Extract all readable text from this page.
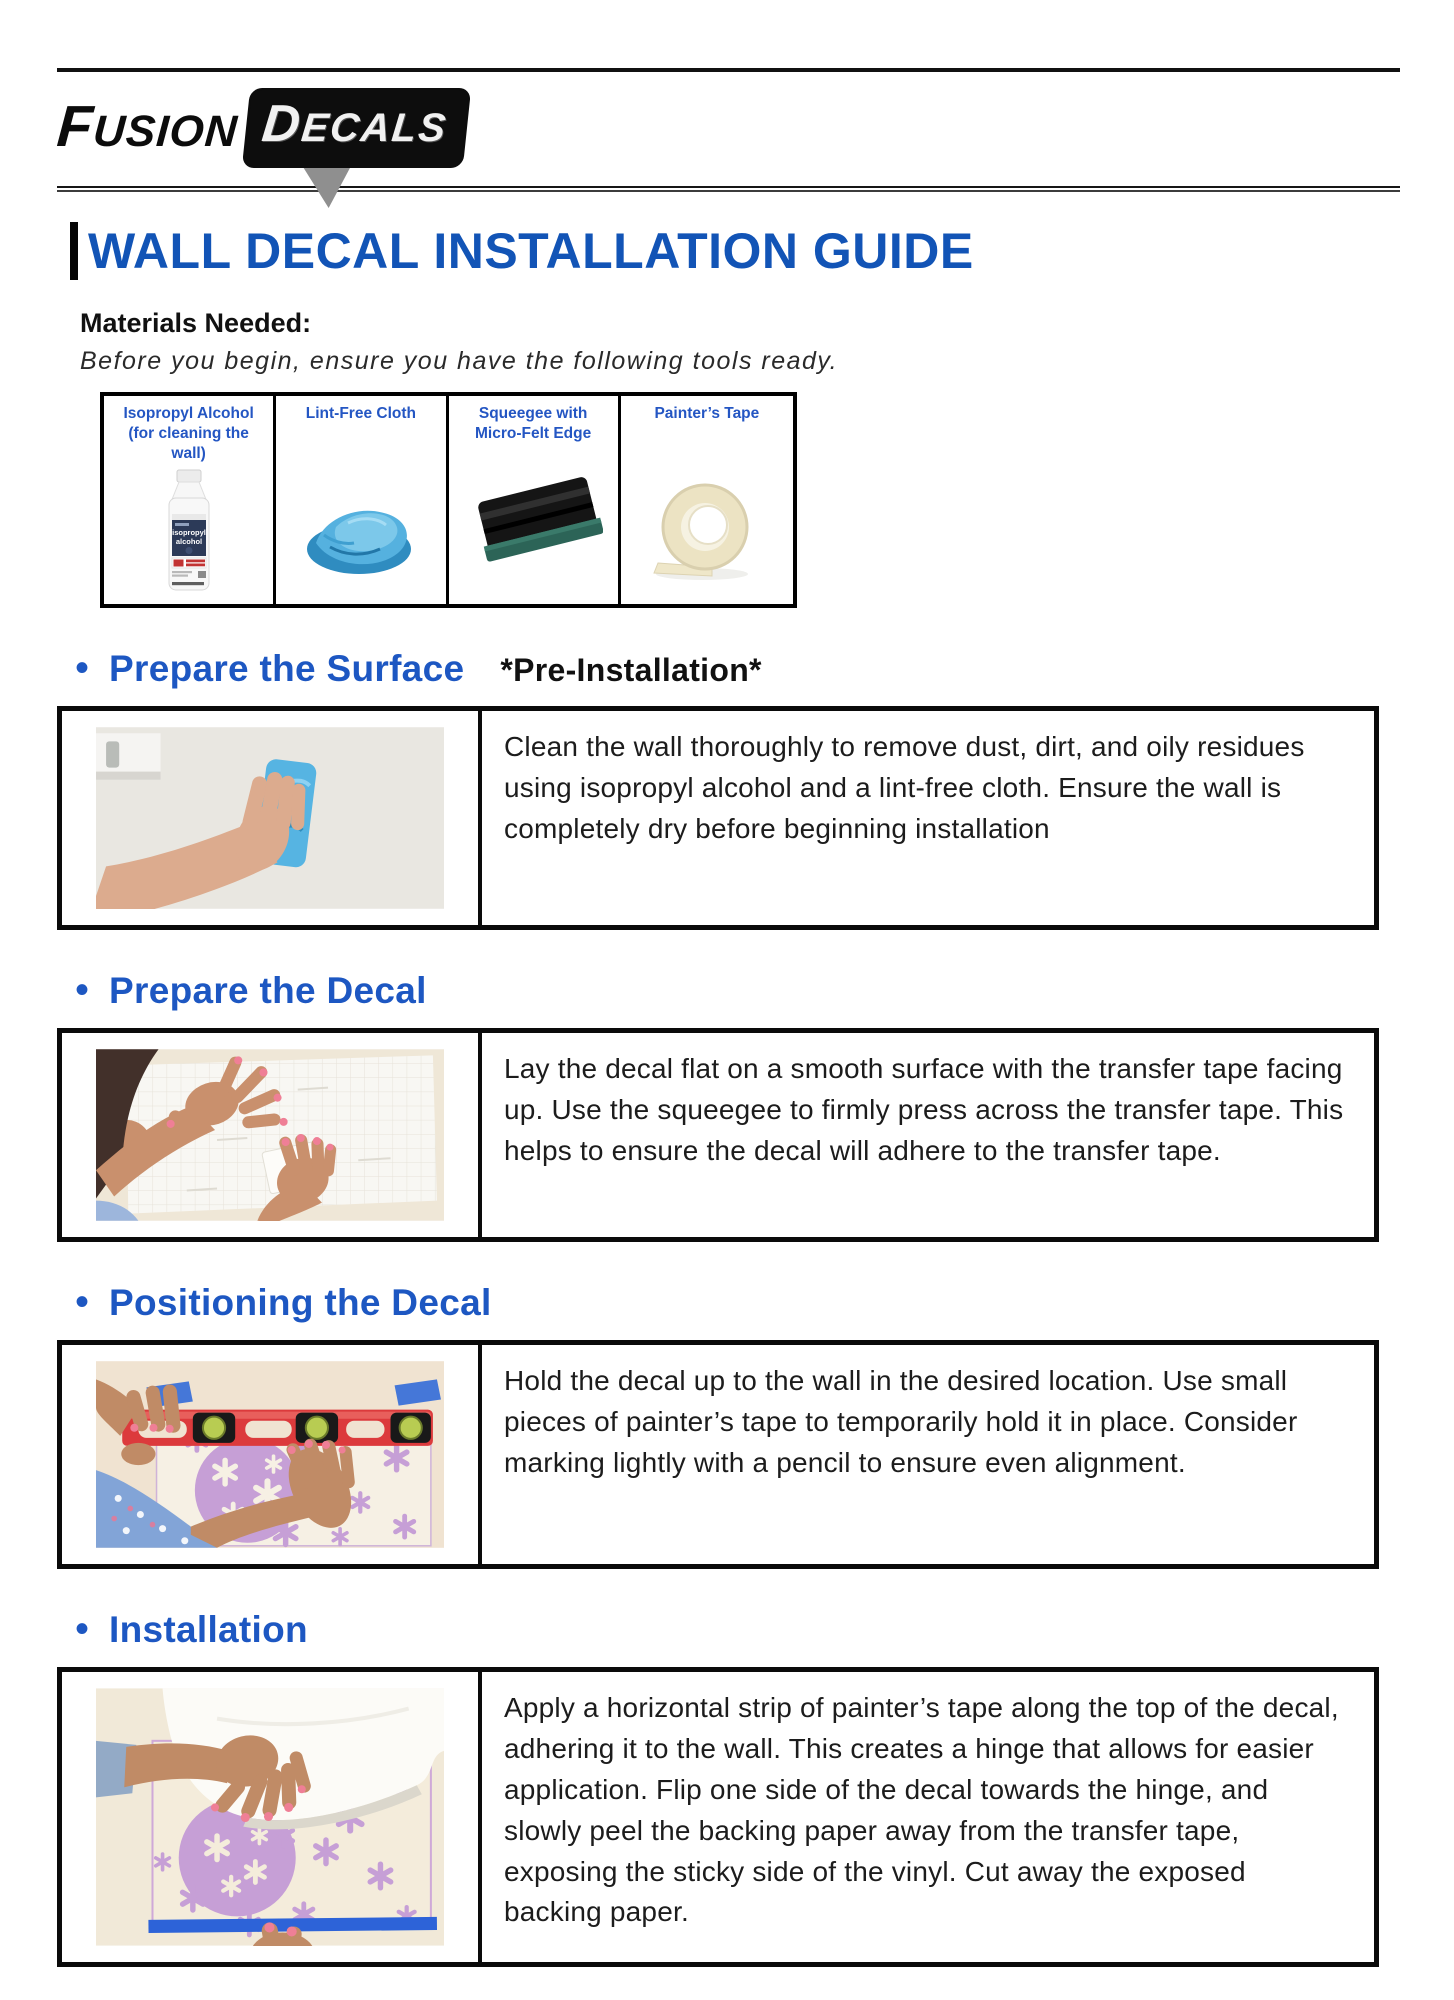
FUSION DECALS
WALL DECAL INSTALLATION GUIDE
Materials Needed:
Before you begin, ensure you have the following tools ready.
Isopropyl Alcohol (for cleaning the wall)
isopropyl
alcohol
Lint-Free Cloth	Squeegee with Micro-Felt Edge
Painter’s Tape
• Prepare the Surface *Pre-Installation*
Clean the wall thoroughly to remove dust, dirt, and oily residues using isopropyl alcohol and a lint-free cloth. Ensure the wall is completely dry before beginning installation
• Prepare the Decal
Lay the decal flat on a smooth surface with the transfer tape facing up. Use the squeegee to firmly press across the transfer tape. This helps to ensure the decal will adhere to the transfer tape.
• Positioning the Decal
Hold the decal up to the wall in the desired location. Use small pieces of painter’s tape to temporarily hold it in place. Consider marking lightly with a pencil to ensure even alignment.
• Installation
Apply a horizontal strip of painter’s tape along the top of the decal, adhering it to the wall. This creates a hinge that allows for easier application. Flip one side of the decal towards the hinge, and slowly peel the backing paper away from the transfer tape, exposing the sticky side of the vinyl. Cut away the exposed backing paper.
